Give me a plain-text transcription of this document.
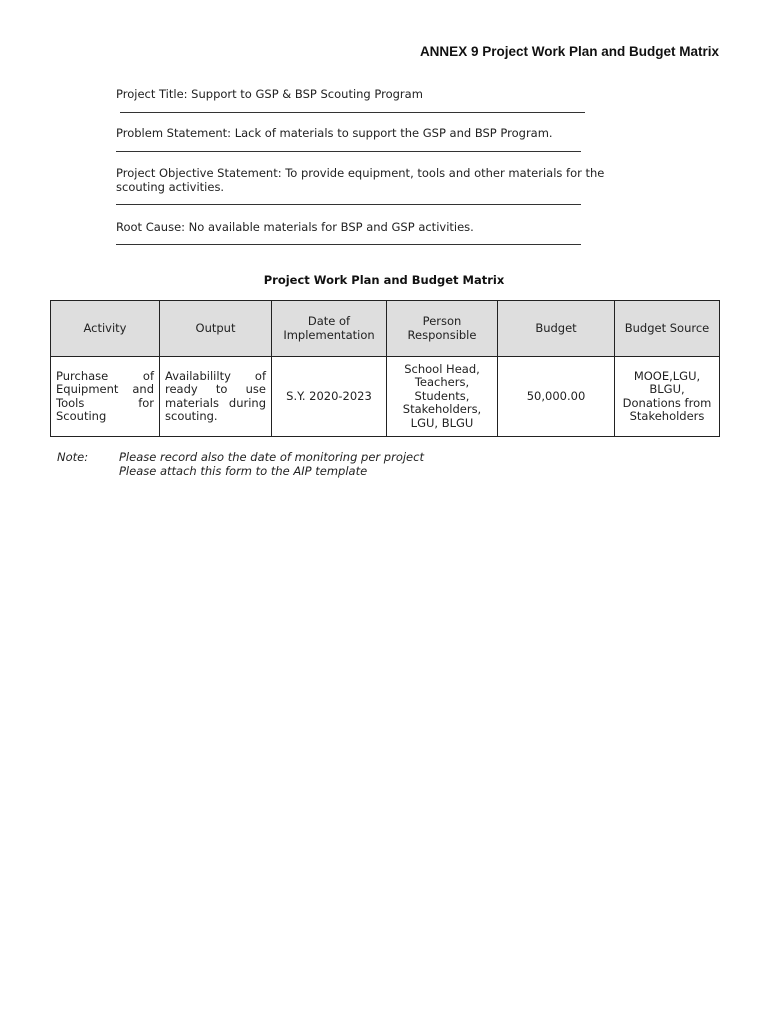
ANNEX 9 Project Work Plan and Budget Matrix
Project Title: Support to GSP & BSP Scouting Program
Problem Statement: Lack of materials to support the GSP and BSP Program.
Project Objective Statement: To provide equipment, tools and other materials for the scouting activities.
Root Cause: No available materials for BSP and GSP activities.
Project Work Plan and Budget Matrix
Activity	Output	Date of Implementation	Person Responsible	Budget	Budget Source
Purchase of Equipment and Tools for Scouting	Availabililty of ready to use materials during scouting.	S.Y. 2020-2023	School Head, Teachers, Students, Stakeholders, LGU, BLGU	50,000.00	MOOE,LGU, BLGU, Donations from Stakeholders
Note:	Please record also the date of monitoring per project
Please attach this form to the AIP template
